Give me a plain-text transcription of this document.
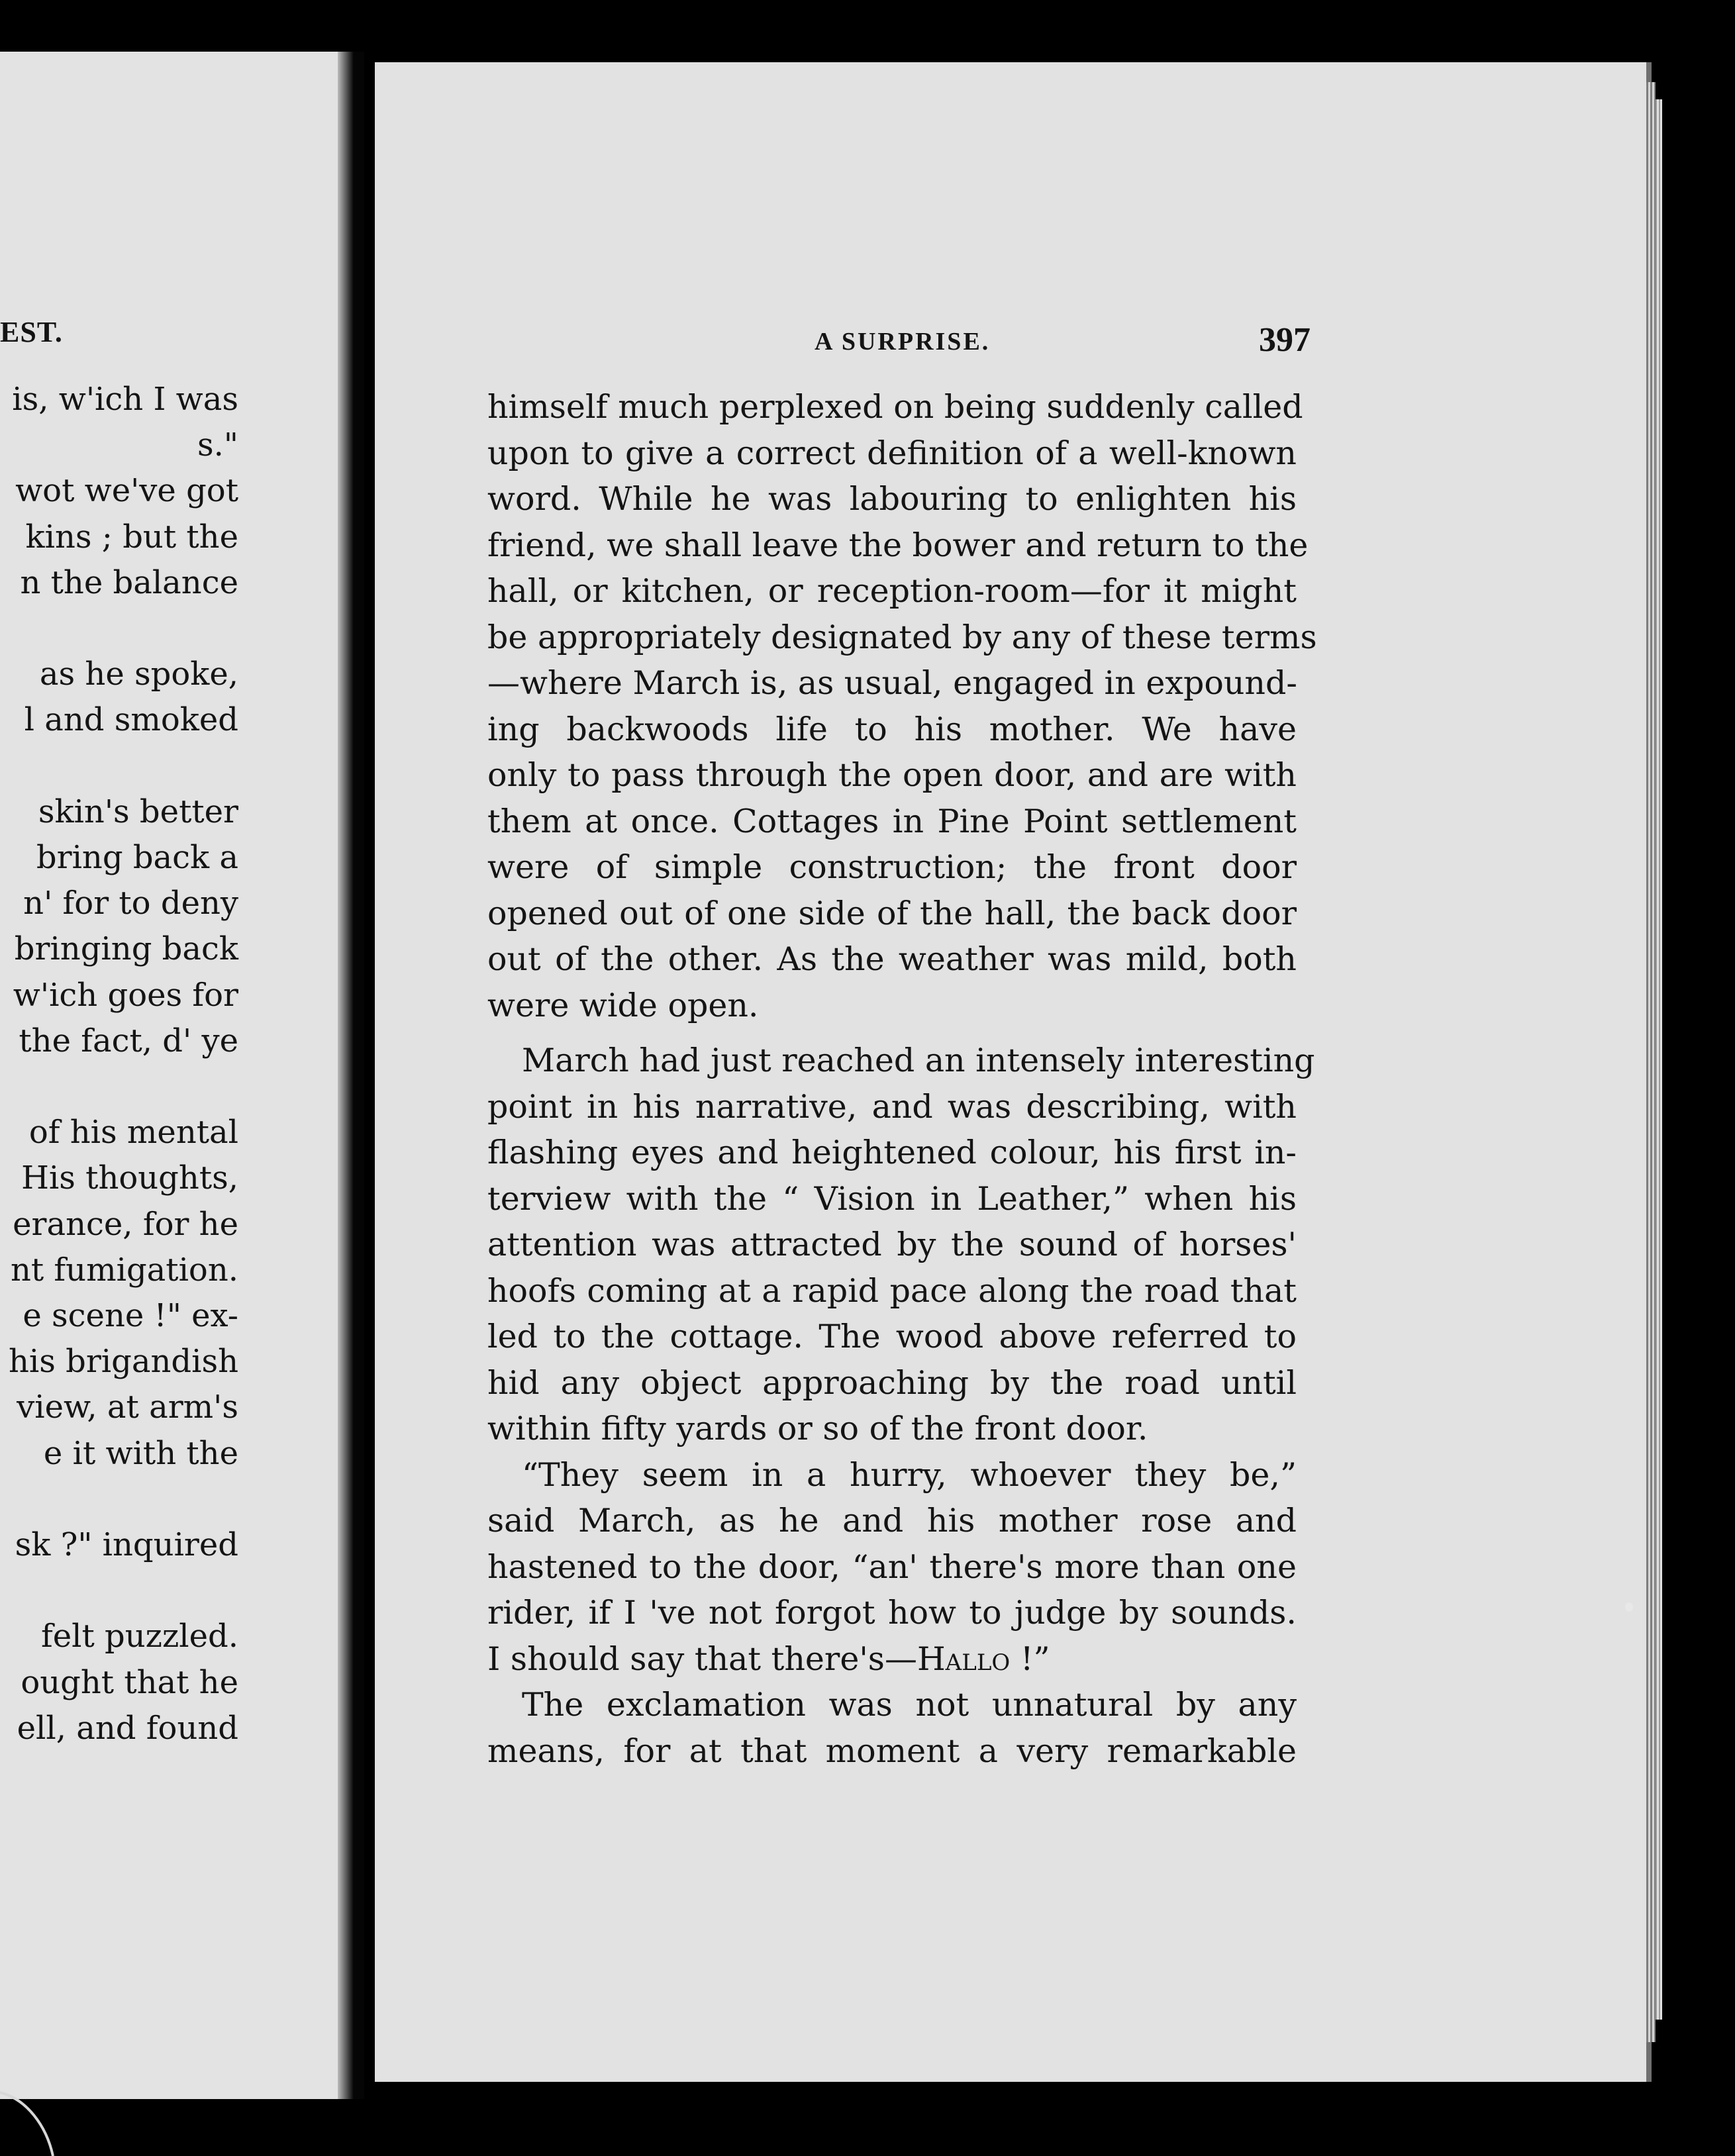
EST.
is, w'ich I was
s."
wot we've got
kins ; but the
n the balance
as he spoke,
l and smoked
skin's better
bring back a
n' for to deny
bringing back
w'ich goes for
the fact, d' ye
of his mental
His thoughts,
erance, for he
nt fumigation.
e scene !" ex-
his brigandish
view, at arm's
e it with the
sk ?" inquired
felt puzzled.
ought that he
ell, and found
A SURPRISE.	397
himself much perplexed on being suddenly called
upon to give a correct definition of a well-known
word. While he was labouring to enlighten his
friend, we shall leave the bower and return to the
hall, or kitchen, or reception-room—for it might
be appropriately designated by any of these terms
—where March is, as usual, engaged in expound-
ing backwoods life to his mother. We have
only to pass through the open door, and are with
them at once. Cottages in Pine Point settlement
were of simple construction; the front door
opened out of one side of the hall, the back door
out of the other. As the weather was mild, both
were wide open.
March had just reached an intensely interesting
point in his narrative, and was describing, with
flashing eyes and heightened colour, his first in-
terview with the “ Vision in Leather,” when his
attention was attracted by the sound of horses'
hoofs coming at a rapid pace along the road that
led to the cottage. The wood above referred to
hid any object approaching by the road until
within fifty yards or so of the front door.
“They seem in a hurry, whoever they be,”
said March, as he and his mother rose and
hastened to the door, “an' there's more than one
rider, if I 've not forgot how to judge by sounds.
I should say that there's—Hallo !”
The exclamation was not unnatural by any
means, for at that moment a very remarkable
